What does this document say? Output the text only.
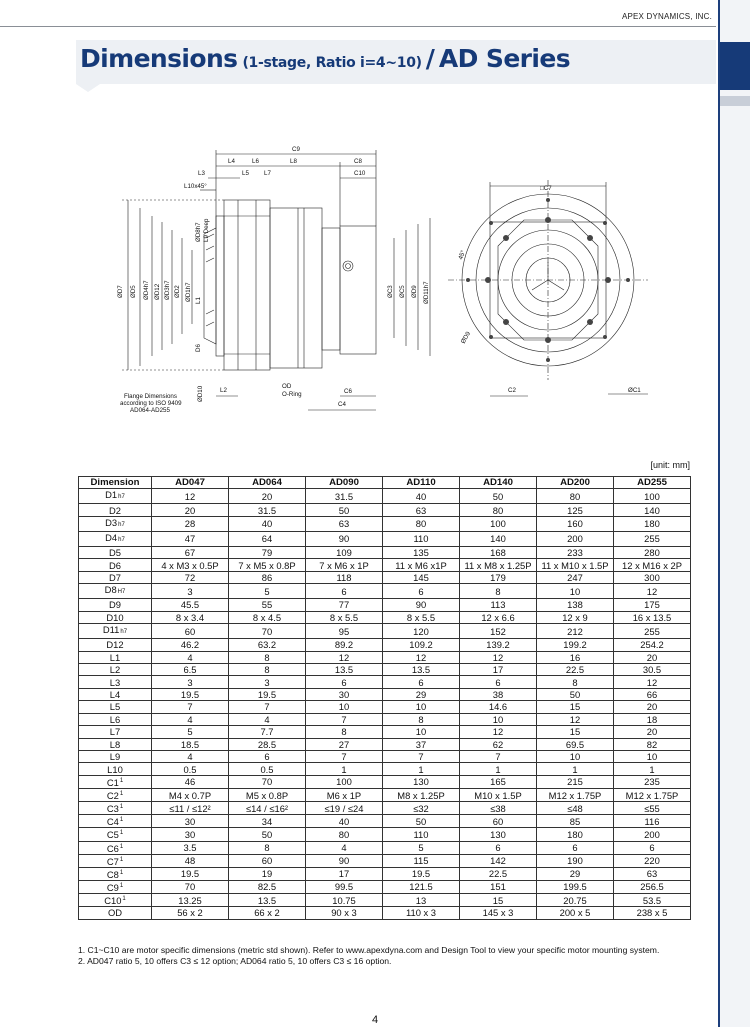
APEX DYNAMICS, INC.
Dimensions (1-stage, Ratio i=4~10) / AD Series
C9
L4	L6	L8	C8
L3	L5 L7	C10
L10x45°
ØD7 ØD5 ØD4h7 ØD12 ØD3h7 ØD2 ØD1h7 L1
D6
ØD8h7 L9 Deep
ØC3 ØC5 ØD9 ØD11h7
ØD10	L2
OD
O-Ring	C6
C4
Flange Dimensions
according to ISO 9409
AD064-AD255
□C7
45°
ØD9
C2	ØC1
[unit: mm]
Dimension	AD047	AD064	AD090	AD110	AD140	AD200	AD255
D1h7	12	20	31.5	40	50	80	100
D2	20	31.5	50	63	80	125	140
D3h7	28	40	63	80	100	160	180
D4h7	47	64	90	110	140	200	255
D5	67	79	109	135	168	233	280
D6	4 x M3 x 0.5P	7 x M5 x 0.8P	7 x M6 x 1P	11 x M6 x1P	11 x M8 x 1.25P	11 x M10 x 1.5P	12 x M16 x 2P
D7	72	86	118	145	179	247	300
D8H7	3	5	6	6	8	10	12
D9	45.5	55	77	90	113	138	175
D10	8 x 3.4	8 x 4.5	8 x 5.5	8 x 5.5	12 x 6.6	12 x 9	16 x 13.5
D11h7	60	70	95	120	152	212	255
D12	46.2	63.2	89.2	109.2	139.2	199.2	254.2
L1	4	8	12	12	12	16	20
L2	6.5	8	13.5	13.5	17	22.5	30.5
L3	3	3	6	6	6	8	12
L4	19.5	19.5	30	29	38	50	66
L5	7	7	10	10	14.6	15	20
L6	4	4	7	8	10	12	18
L7	5	7.7	8	10	12	15	20
L8	18.5	28.5	27	37	62	69.5	82
L9	4	6	7	7	7	10	10
L10	0.5	0.5	1	1	1	1	1
$C1^1$	46	70	100	130	165	215	235
$C2^1$	M4 x 0.7P	M5 x 0.8P	M6 x 1P	M8 x 1.25P	M10 x 1.5P	M12 x 1.75P	M12 x 1.75P
$C3^1$	≤11 / ≤12²	≤14 / ≤16²	≤19 / ≤24	≤32	≤38	≤48	≤55
$C4^1$	30	34	40	50	60	85	116
$C5^1$	30	50	80	110	130	180	200
$C6^1$	3.5	8	4	5	6	6	6
$C7^1$	48	60	90	115	142	190	220
$C8^1$	19.5	19	17	19.5	22.5	29	63
$C9^1$	70	82.5	99.5	121.5	151	199.5	256.5
$C10^1$	13.25	13.5	10.75	13	15	20.75	53.5
OD	56 x 2	66 x 2	90 x 3	110 x 3	145 x 3	200 x 5	238 x 5
1. C1~C10 are motor specific dimensions (metric std shown). Refer to www.apexdyna.com and Design Tool to view your specific motor mounting system.
2. AD047 ratio 5, 10 offers C3 ≤ 12 option; AD064 ratio 5, 10 offers C3 ≤ 16 option.
4
